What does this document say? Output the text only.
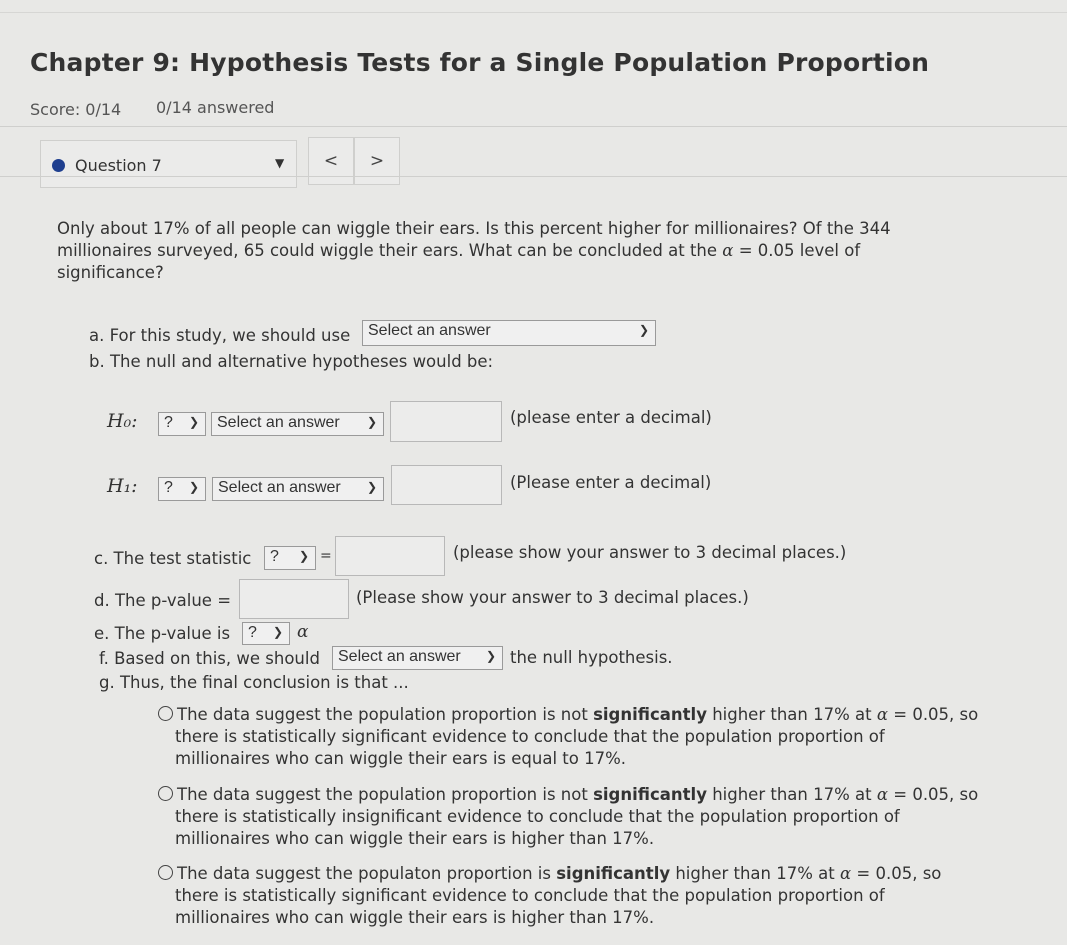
Chapter 9: Hypothesis Tests for a Single Population Proportion
Score: 0/14 0/14 answered
Question 7	▼	<	>
Only about 17% of all people can wiggle their ears. Is this percent higher for millionaires? Of the 344
millionaires surveyed, 65 could wiggle their ears. What can be concluded at the α = 0.05 level of
significance?
a. For this study, we should use	Select an answer	❯
b. The null and alternative hypotheses would be:
H₀:	? ❯	Select an answer ❯	(please enter a decimal)
H₁:	? ❯	Select an answer ❯	(Please enter a decimal)
c. The test statistic	? ❯ =	(please show your answer to 3 decimal places.)
d. The p-value =	(Please show your answer to 3 decimal places.)
e. The p-value is	? ❯ α
f. Based on this, we should	Select an answer ❯ the null hypothesis.
g. Thus, the final conclusion is that ...
The data suggest the population proportion is not significantly higher than 17% at α = 0.05, so
there is statistically significant evidence to conclude that the population proportion of
millionaires who can wiggle their ears is equal to 17%.
The data suggest the population proportion is not significantly higher than 17% at α = 0.05, so
there is statistically insignificant evidence to conclude that the population proportion of
millionaires who can wiggle their ears is higher than 17%.
The data suggest the populaton proportion is significantly higher than 17% at α = 0.05, so
there is statistically significant evidence to conclude that the population proportion of
millionaires who can wiggle their ears is higher than 17%.
